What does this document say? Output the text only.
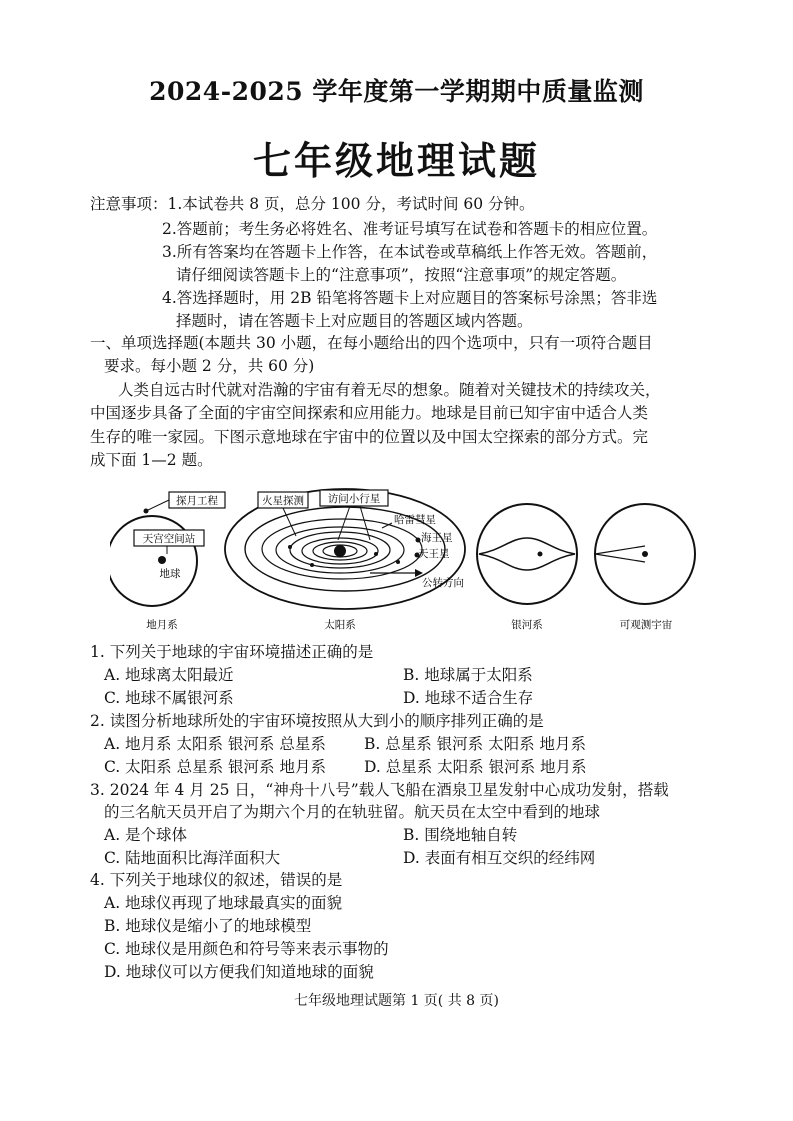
2024-2025 学年度第一学期期中质量监测
七年级地理试题
注意事项：1.本试卷共 8 页，总分 100 分，考试时间 60 分钟。
2.答题前；考生务必将姓名、准考证号填写在试卷和答题卡的相应位置。
3.所有答案均在答题卡上作答，在本试卷或草稿纸上作答无效。答题前，
请仔细阅读答题卡上的“注意事项”，按照“注意事项”的规定答题。
4.答选择题时，用 2B 铅笔将答题卡上对应题目的答案标号涂黑；答非选
择题时，请在答题卡上对应题目的答题区域内答题。
一、单项选择题(本题共 30 小题，在每小题给出的四个选项中，只有一项符合题目
要求。每小题 2 分，共 60 分)
人类自远古时代就对浩瀚的宇宙有着无尽的想象。随着对关键技术的持续攻关，
中国逐步具备了全面的宇宙空间探索和应用能力。地球是目前已知宇宙中适合人类
生存的唯一家园。下图示意地球在宇宙中的位置以及中国太空探索的部分方式。完
成下面 1—2 题。
探月工程
天宫空间站
地球
火星探测 访问小行星
哈雷彗星
海王星
天王星
公转方向
地月系	太阳系	银河系	可观测宇宙
1. 下列关于地球的宇宙环境描述正确的是
A. 地球离太阳最近	B. 地球属于太阳系
C. 地球不属银河系	D. 地球不适合生存
2. 读图分析地球所处的宇宙环境按照从大到小的顺序排列正确的是
A. 地月系 太阳系 银河系 总星系 B. 总星系 银河系 太阳系 地月系
C. 太阳系 总星系 银河系 地月系 D. 总星系 太阳系 银河系 地月系
3. 2024 年 4 月 25 日，“神舟十八号”载人飞船在酒泉卫星发射中心成功发射，搭载
的三名航天员开启了为期六个月的在轨驻留。航天员在太空中看到的地球
A. 是个球体	B. 围绕地轴自转
C. 陆地面积比海洋面积大	D. 表面有相互交织的经纬网
4. 下列关于地球仪的叙述，错误的是
A. 地球仪再现了地球最真实的面貌
B. 地球仪是缩小了的地球模型
C. 地球仪是用颜色和符号等来表示事物的
D. 地球仪可以方便我们知道地球的面貌
七年级地理试题第 1 页( 共 8 页)
